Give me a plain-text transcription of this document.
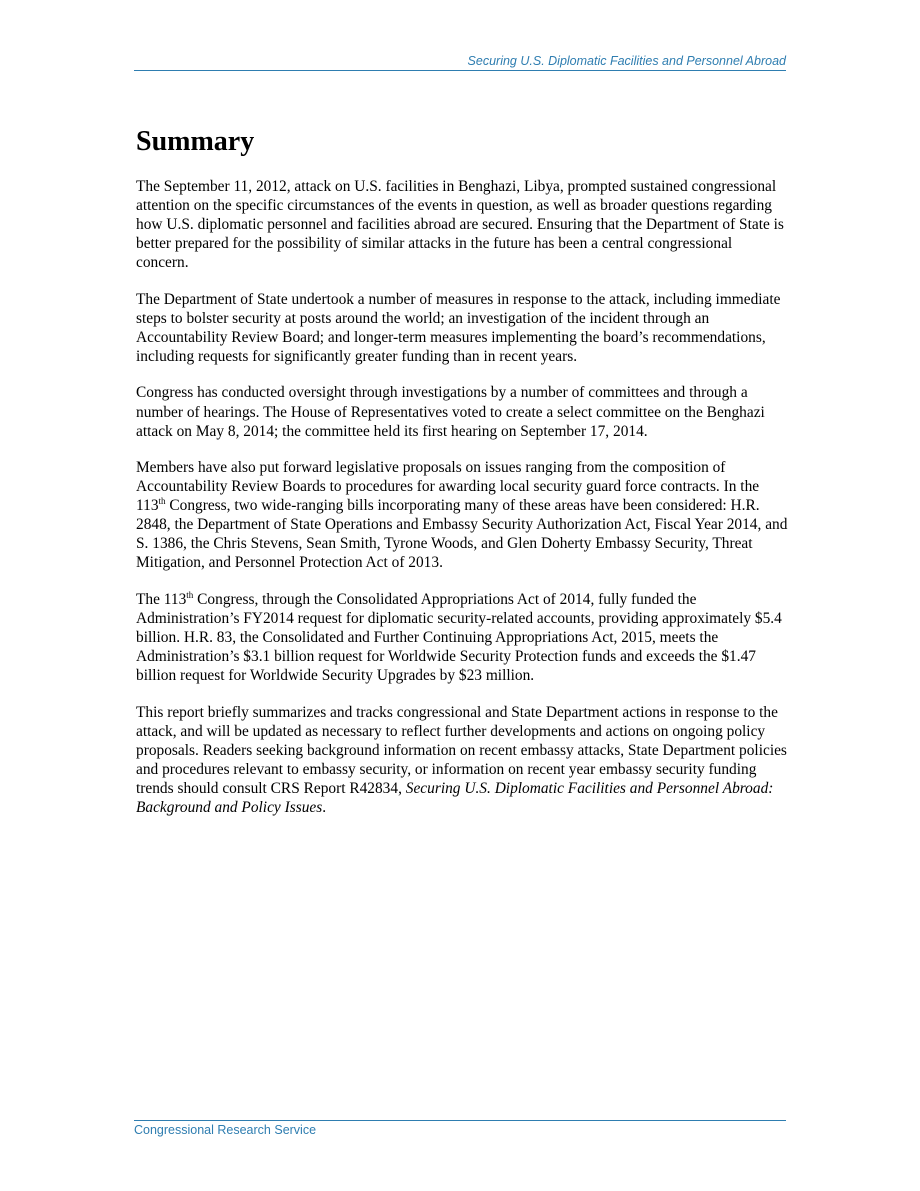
Securing U.S. Diplomatic Facilities and Personnel Abroad
Summary

The September 11, 2012, attack on U.S. facilities in Benghazi, Libya, prompted sustained congressional attention on the specific circumstances of the events in question, as well as broader questions regarding how U.S. diplomatic personnel and facilities abroad are secured. Ensuring that the Department of State is better prepared for the possibility of similar attacks in the future has been a central congressional concern.

The Department of State undertook a number of measures in response to the attack, including immediate steps to bolster security at posts around the world; an investigation of the incident through an Accountability Review Board; and longer-term measures implementing the board’s recommendations, including requests for significantly greater funding than in recent years.

Congress has conducted oversight through investigations by a number of committees and through a number of hearings. The House of Representatives voted to create a select committee on the Benghazi attack on May 8, 2014; the committee held its first hearing on September 17, 2014.

Members have also put forward legislative proposals on issues ranging from the composition of Accountability Review Boards to procedures for awarding local security guard force contracts. In the 113th Congress, two wide-ranging bills incorporating many of these areas have been considered: H.R. 2848, the Department of State Operations and Embassy Security Authorization Act, Fiscal Year 2014, and S. 1386, the Chris Stevens, Sean Smith, Tyrone Woods, and Glen Doherty Embassy Security, Threat Mitigation, and Personnel Protection Act of 2013.

The 113th Congress, through the Consolidated Appropriations Act of 2014, fully funded the Administration’s FY2014 request for diplomatic security-related accounts, providing approximately $5.4 billion. H.R. 83, the Consolidated and Further Continuing Appropriations Act, 2015, meets the Administration’s $3.1 billion request for Worldwide Security Protection funds and exceeds the $1.47 billion request for Worldwide Security Upgrades by $23 million.

This report briefly summarizes and tracks congressional and State Department actions in response to the attack, and will be updated as necessary to reflect further developments and actions on ongoing policy proposals. Readers seeking background information on recent embassy attacks, State Department policies and procedures relevant to embassy security, or information on recent year embassy security funding trends should consult CRS Report R42834, Securing U.S. Diplomatic Facilities and Personnel Abroad: Background and Policy Issues.

Congressional Research Service
